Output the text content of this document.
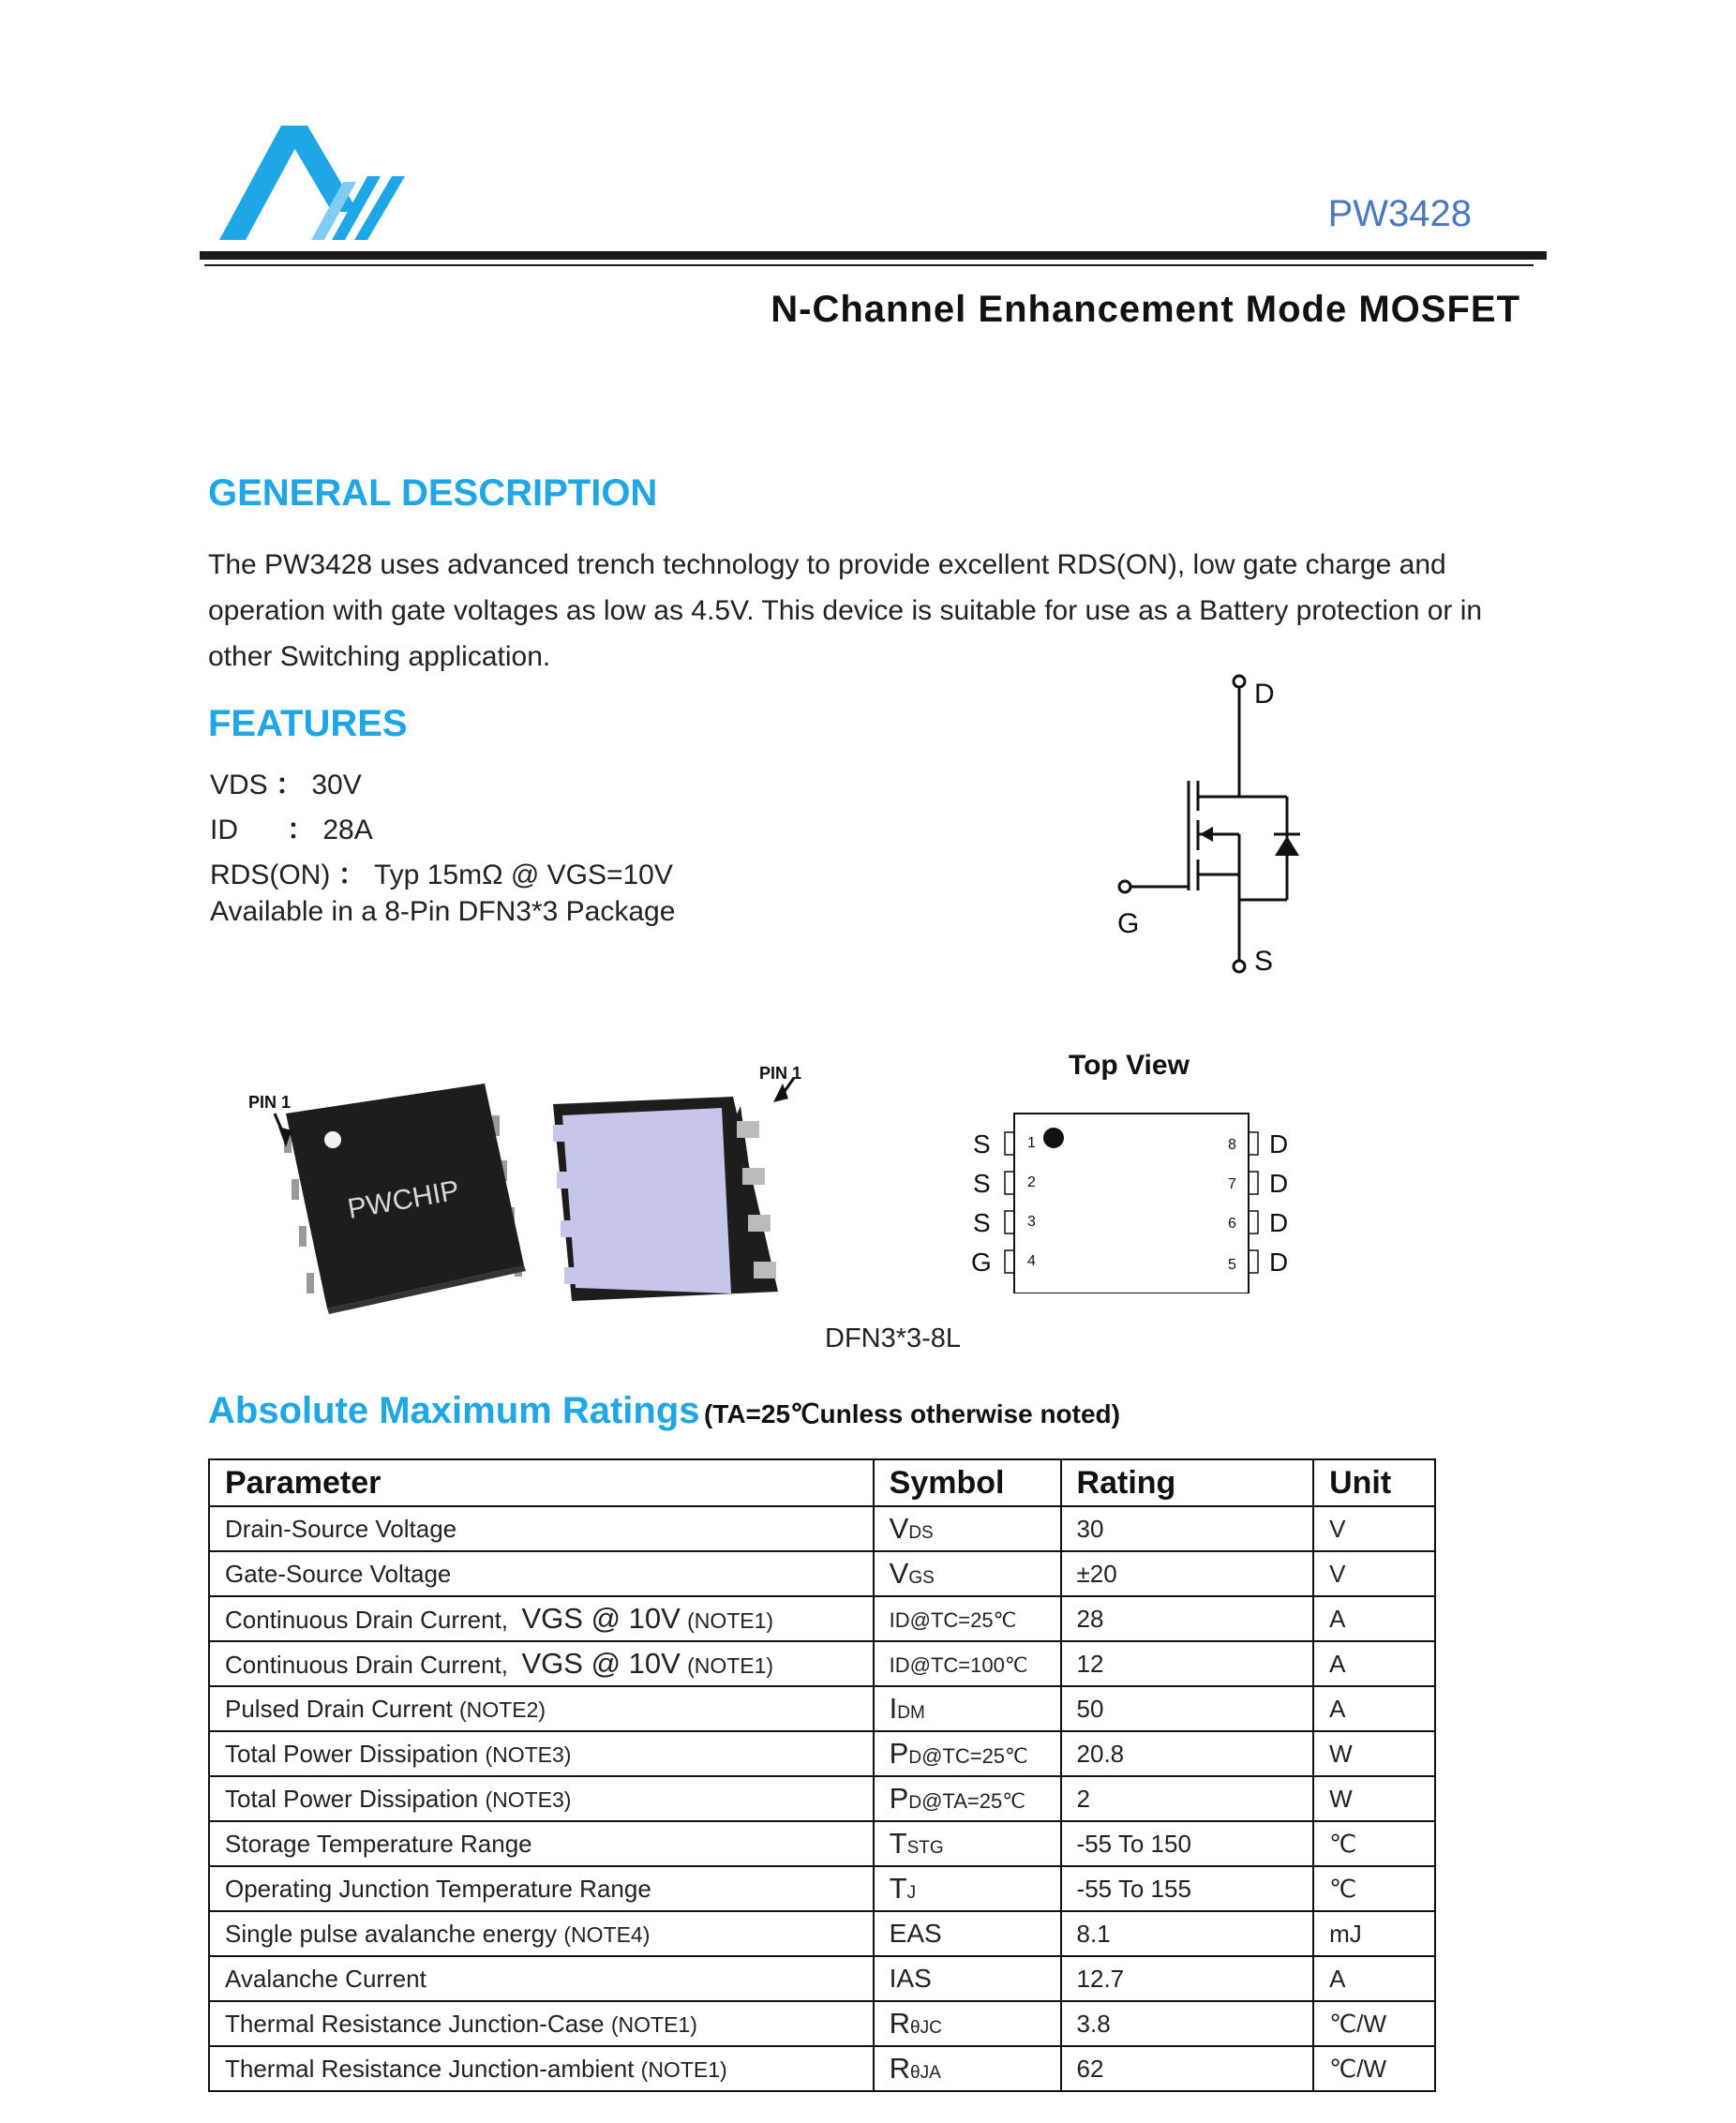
PW3428
N-Channel Enhancement Mode MOSFET
GENERAL DESCRIPTION
The PW3428 uses advanced trench technology to provide excellent RDS(ON), low gate charge and operation with gate voltages as low as 4.5V. This device is suitable for use as a Battery protection or in other Switching application.
FEATURES
VDS ： 30V
ID ： 28A
RDS(ON) ： Typ 15mΩ @ VGS=10V
Available in a 8-Pin DFN3*3 Package
D
G
S
PWCHIP
PIN 1
PIN 1	Top View
S
S
S
G
1
2
3
4
8
7
6
5
D
D
D
D
DFN3*3-8L
Absolute Maximum Ratings (TA=25℃unless otherwise noted)
Parameter	Symbol	Rating	Unit
Drain-Source Voltage	VDS	30	V
Gate-Source Voltage	VGS	±20	V
Continuous Drain Current, VGS @ 10V (NOTE1)	ID@TC=25℃	28	A
Continuous Drain Current, VGS @ 10V (NOTE1)	ID@TC=100℃	12	A
Pulsed Drain Current (NOTE2)	IDM	50	A
Total Power Dissipation (NOTE3)	PD@TC=25℃	20.8	W
Total Power Dissipation (NOTE3)	PD@TA=25℃	2	W
Storage Temperature Range	TSTG	-55 To 150	℃
Operating Junction Temperature Range	TJ	-55 To 155	℃
Single pulse avalanche energy (NOTE4)	EAS	8.1	mJ
Avalanche Current	IAS	12.7	A
Thermal Resistance Junction-Case (NOTE1)	RθJC	3.8	℃/W
Thermal Resistance Junction-ambient (NOTE1)	RθJA	62	℃/W
